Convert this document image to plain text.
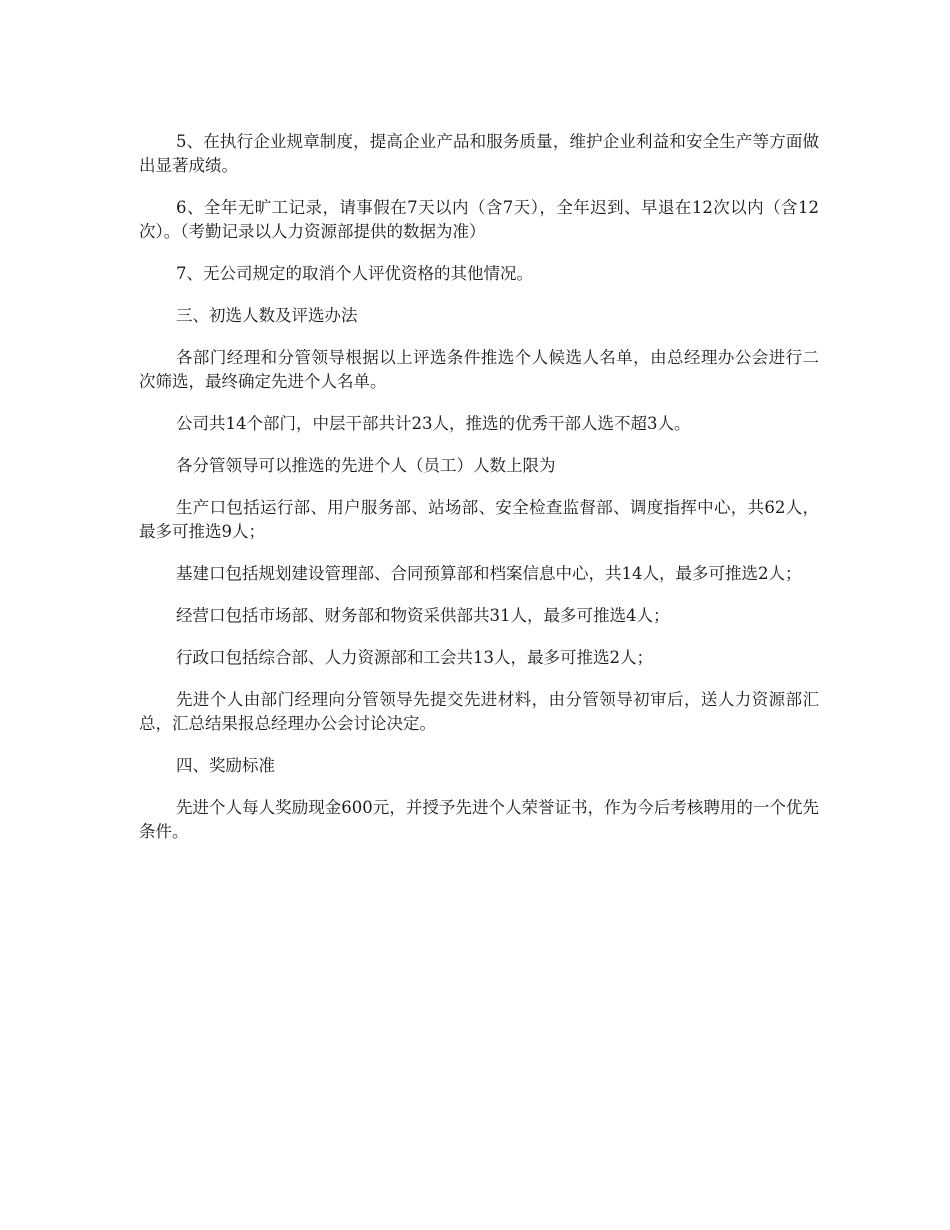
5、在执行企业规章制度，提高企业产品和服务质量，维护企业利益和安全生产等方面做出显著成绩。

6、全年无旷工记录，请事假在7天以内（含7天），全年迟到、早退在12次以内（含12次）。（考勤记录以人力资源部提供的数据为准）

7、无公司规定的取消个人评优资格的其他情况。

三、初选人数及评选办法

各部门经理和分管领导根据以上评选条件推选个人候选人名单，由总经理办公会进行二次筛选，最终确定先进个人名单。

公司共14个部门，中层干部共计23人，推选的优秀干部人选不超3人。

各分管领导可以推选的先进个人（员工）人数上限为

生产口包括运行部、用户服务部、站场部、安全检查监督部、调度指挥中心，共62人，最多可推选9人；

基建口包括规划建设管理部、合同预算部和档案信息中心，共14人，最多可推选2人；

经营口包括市场部、财务部和物资采供部共31人，最多可推选4人；

行政口包括综合部、人力资源部和工会共13人，最多可推选2人；

先进个人由部门经理向分管领导先提交先进材料，由分管领导初审后，送人力资源部汇总，汇总结果报总经理办公会讨论决定。

四、奖励标准

先进个人每人奖励现金600元，并授予先进个人荣誉证书，作为今后考核聘用的一个优先条件。
